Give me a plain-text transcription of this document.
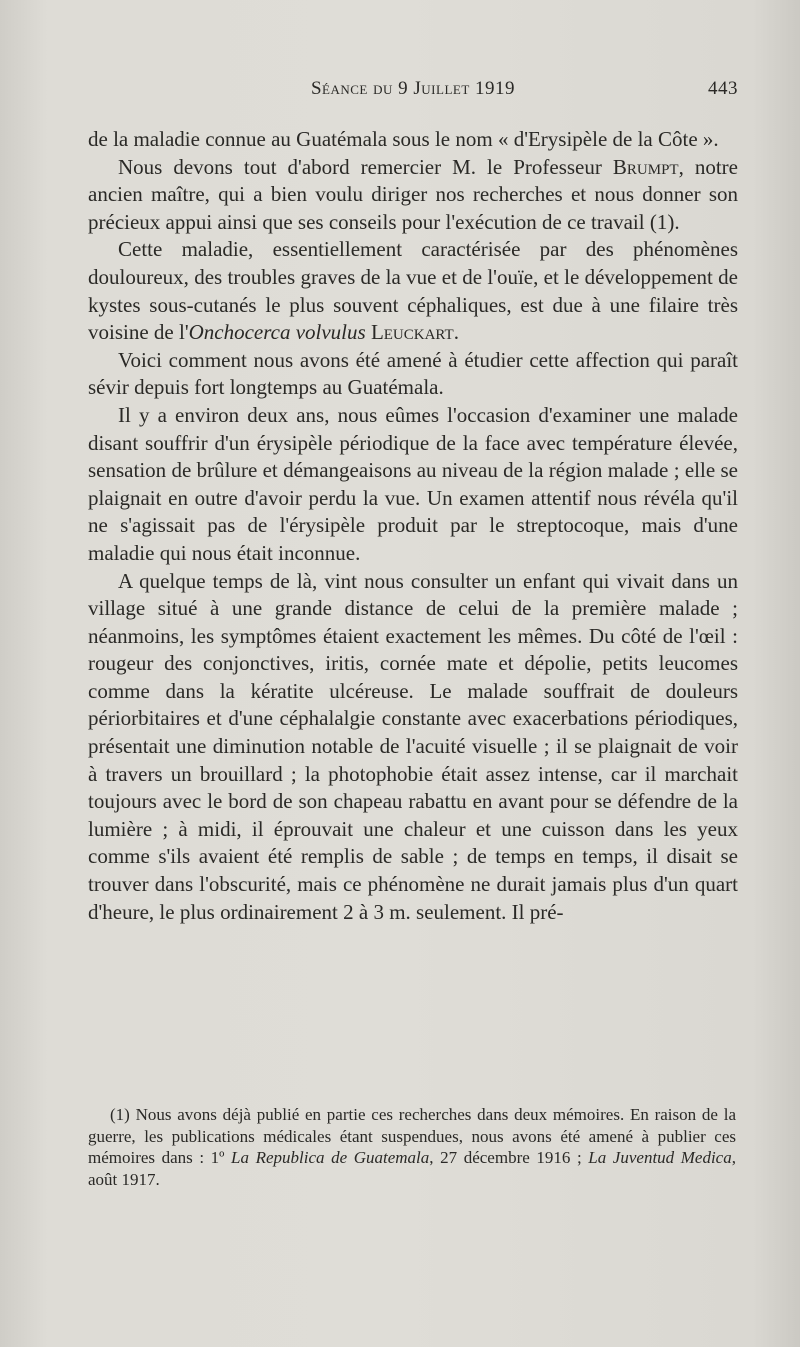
Séance du 9 Juillet 1919	443

de la maladie connue au Guatémala sous le nom « d'Erysipèle de la Côte ».

Nous devons tout d'abord remercier M. le Professeur Brumpt, notre ancien maître, qui a bien voulu diriger nos recherches et nous donner son précieux appui ainsi que ses conseils pour l'exécution de ce travail (1).

Cette maladie, essentiellement caractérisée par des phénomènes douloureux, des troubles graves de la vue et de l'ouïe, et le développement de kystes sous-cutanés le plus souvent céphaliques, est due à une filaire très voisine de l'Onchocerca volvulus Leuckart.

Voici comment nous avons été amené à étudier cette affection qui paraît sévir depuis fort longtemps au Guatémala.

Il y a environ deux ans, nous eûmes l'occasion d'examiner une malade disant souffrir d'un érysipèle périodique de la face avec température élevée, sensation de brûlure et démangeaisons au niveau de la région malade ; elle se plaignait en outre d'avoir perdu la vue. Un examen attentif nous révéla qu'il ne s'agissait pas de l'érysipèle produit par le streptocoque, mais d'une maladie qui nous était inconnue.

A quelque temps de là, vint nous consulter un enfant qui vivait dans un village situé à une grande distance de celui de la première malade ; néanmoins, les symptômes étaient exactement les mêmes. Du côté de l'œil : rougeur des conjonctives, iritis, cornée mate et dépolie, petits leucomes comme dans la kératite ulcéreuse. Le malade souffrait de douleurs périorbitaires et d'une céphalalgie constante avec exacerbations périodiques, présentait une diminution notable de l'acuité visuelle ; il se plaignait de voir à travers un brouillard ; la photophobie était assez intense, car il marchait toujours avec le bord de son chapeau rabattu en avant pour se défendre de la lumière ; à midi, il éprouvait une chaleur et une cuisson dans les yeux comme s'ils avaient été remplis de sable ; de temps en temps, il disait se trouver dans l'obscurité, mais ce phénomène ne durait jamais plus d'un quart d'heure, le plus ordinairement 2 à 3 m. seulement. Il pré-

(1) Nous avons déjà publié en partie ces recherches dans deux mémoires. En raison de la guerre, les publications médicales étant suspendues, nous avons été amené à publier ces mémoires dans : 1º La Republica de Guatemala, 27 décembre 1916 ; La Juventud Medica, août 1917.
